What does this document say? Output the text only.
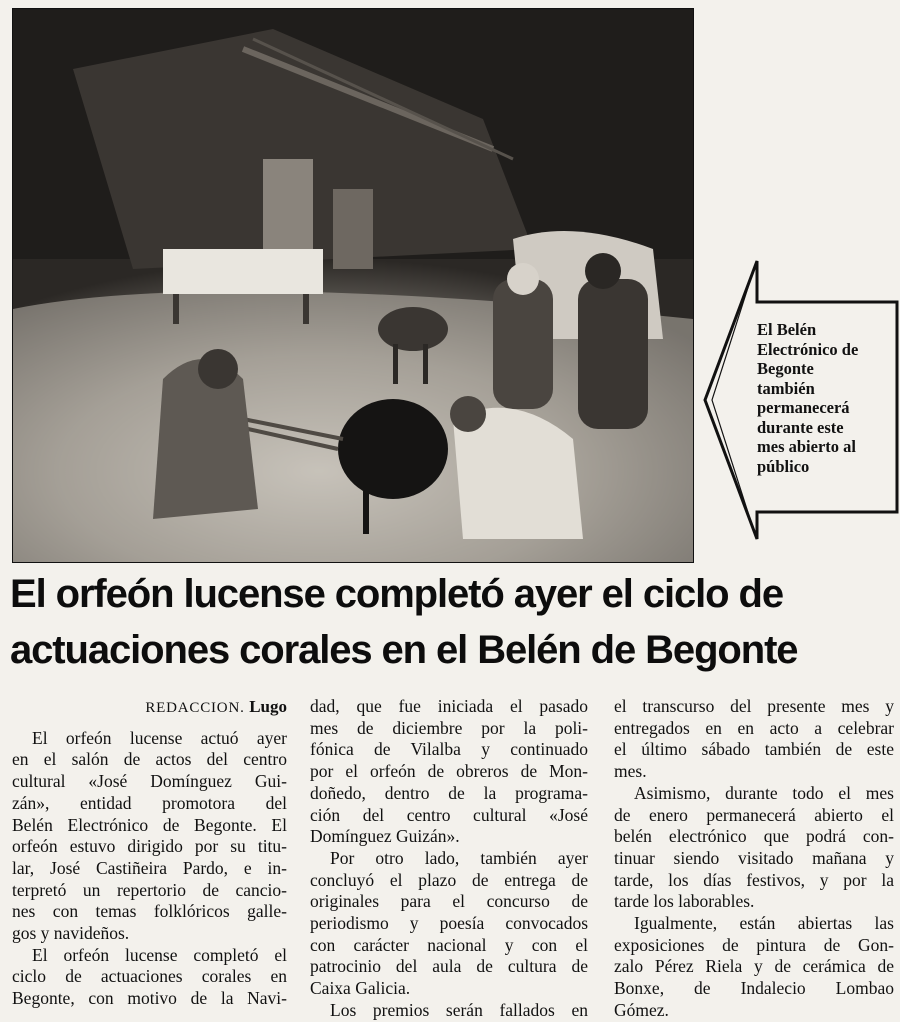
El Belén
Electrónico de
Begonte
también
permanecerá
durante este
mes abierto al
público
El orfeón lucense completó ayer el ciclo de
actuaciones corales en el Belén de Begonte
REDACCION. Lugo
El orfeón lucense actuó ayer
en el salón de actos del centro
cultural «José Domínguez Gui-
zán», entidad promotora del
Belén Electrónico de Begonte. El
orfeón estuvo dirigido por su titu-
lar, José Castiñeira Pardo, e in-
terpretó un repertorio de cancio-
nes con temas folklóricos galle-
gos y navideños.
El orfeón lucense completó el
ciclo de actuaciones corales en
Begonte, con motivo de la Navi-
dad, que fue iniciada el pasado
mes de diciembre por la poli-
fónica de Vilalba y continuado
por el orfeón de obreros de Mon-
doñedo, dentro de la programa-
ción del centro cultural «José
Domínguez Guizán».
Por otro lado, también ayer
concluyó el plazo de entrega de
originales para el concurso de
periodismo y poesía convocados
con carácter nacional y con el
patrocinio del aula de cultura de
Caixa Galicia.
Los premios serán fallados en
el transcurso del presente mes y
entregados en en acto a celebrar
el último sábado también de este
mes.
Asimismo, durante todo el mes
de enero permanecerá abierto el
belén electrónico que podrá con-
tinuar siendo visitado mañana y
tarde, los días festivos, y por la
tarde los laborables.
Igualmente, están abiertas las
exposiciones de pintura de Gon-
zalo Pérez Riela y de cerámica de
Bonxe, de Indalecio Lombao
Gómez.
